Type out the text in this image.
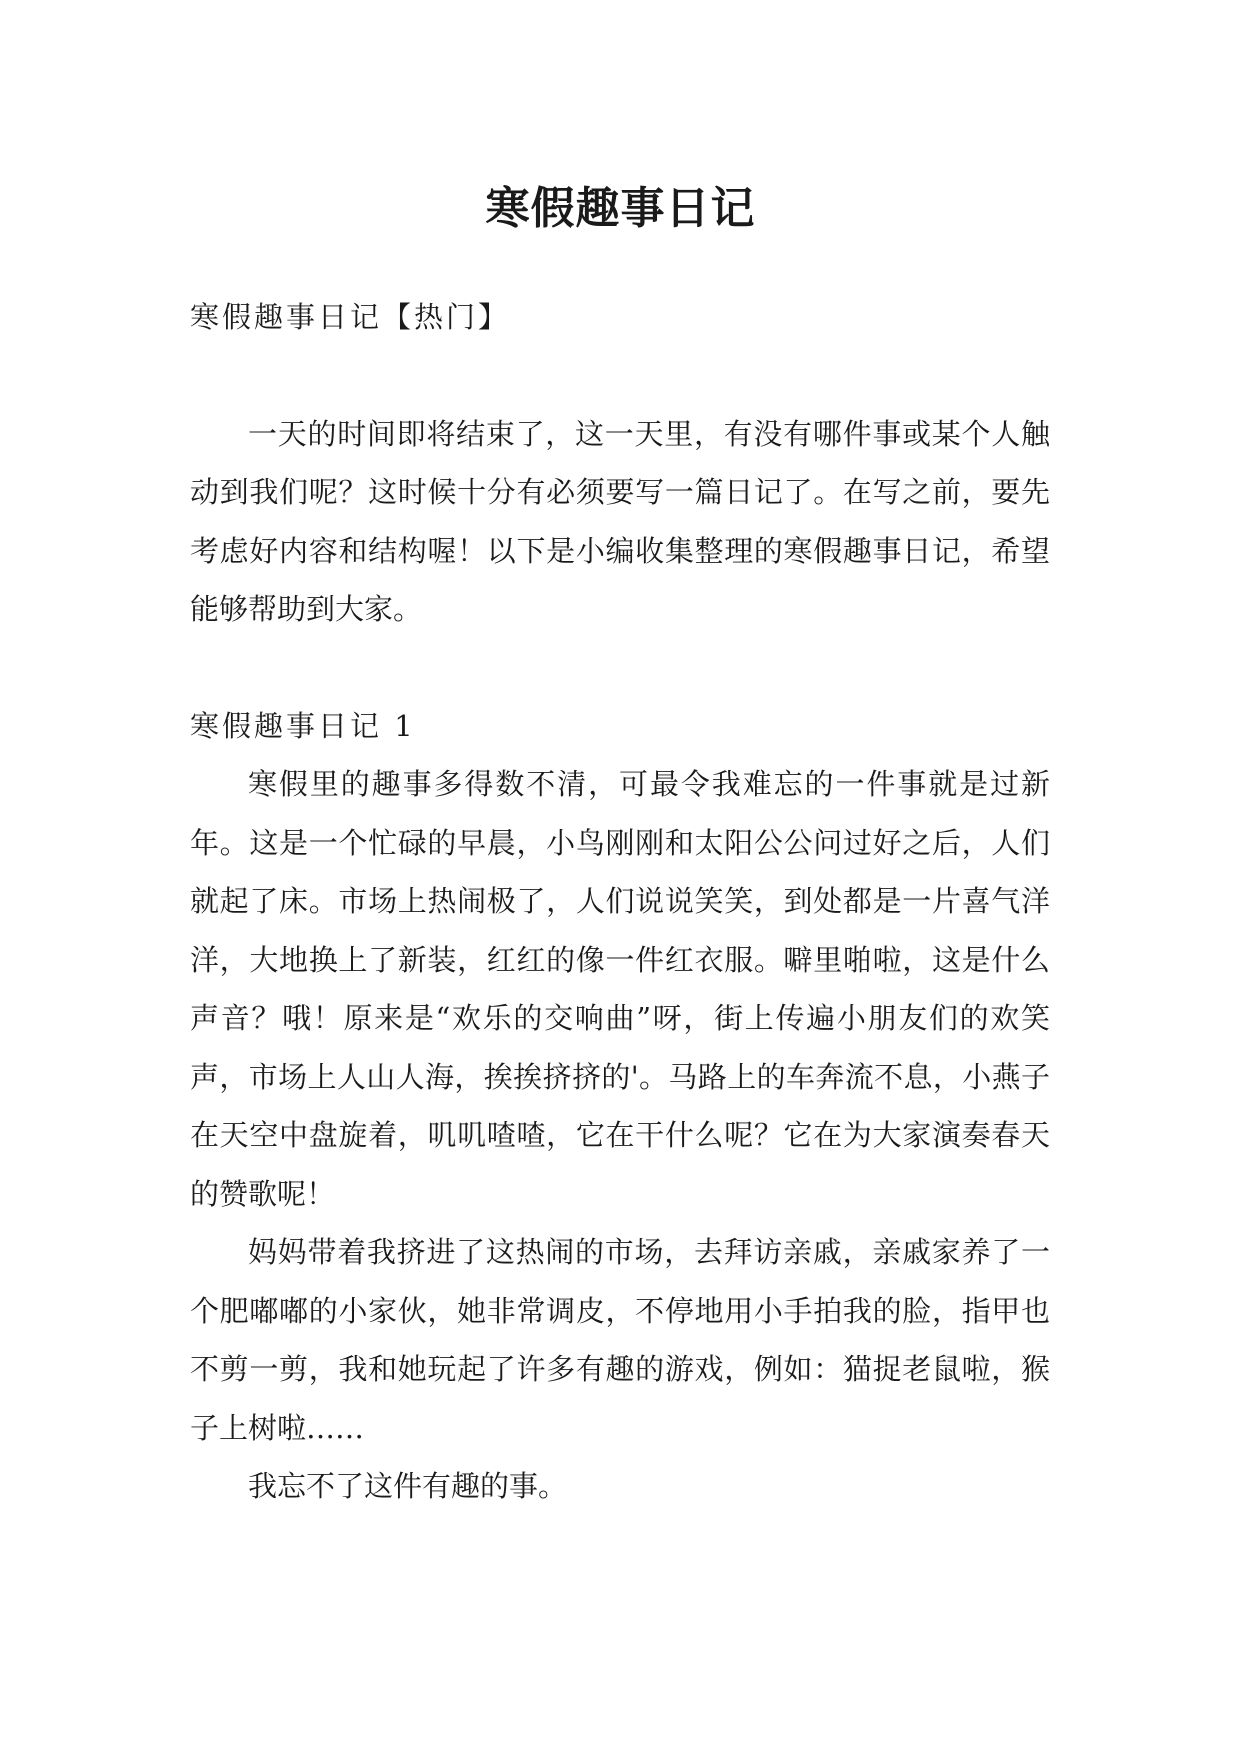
寒假趣事日记

寒假趣事日记【热门】

一天的时间即将结束了，这一天里，有没有哪件事或某个人触动到我们呢？这时候十分有必须要写一篇日记了。在写之前，要先考虑好内容和结构喔！以下是小编收集整理的寒假趣事日记，希望能够帮助到大家。

寒假趣事日记 1

寒假里的趣事多得数不清，可最令我难忘的一件事就是过新年。这是一个忙碌的早晨，小鸟刚刚和太阳公公问过好之后，人们就起了床。市场上热闹极了，人们说说笑笑，到处都是一片喜气洋洋，大地换上了新装，红红的像一件红衣服。噼里啪啦，这是什么声音？哦！原来是“欢乐的交响曲”呀，街上传遍小朋友们的欢笑声，市场上人山人海，挨挨挤挤的'。马路上的车奔流不息，小燕子在天空中盘旋着，叽叽喳喳，它在干什么呢？它在为大家演奏春天的赞歌呢！

妈妈带着我挤进了这热闹的市场，去拜访亲戚，亲戚家养了一个肥嘟嘟的小家伙，她非常调皮，不停地用小手拍我的脸，指甲也不剪一剪，我和她玩起了许多有趣的游戏，例如：猫捉老鼠啦，猴子上树啦……

我忘不了这件有趣的事。
